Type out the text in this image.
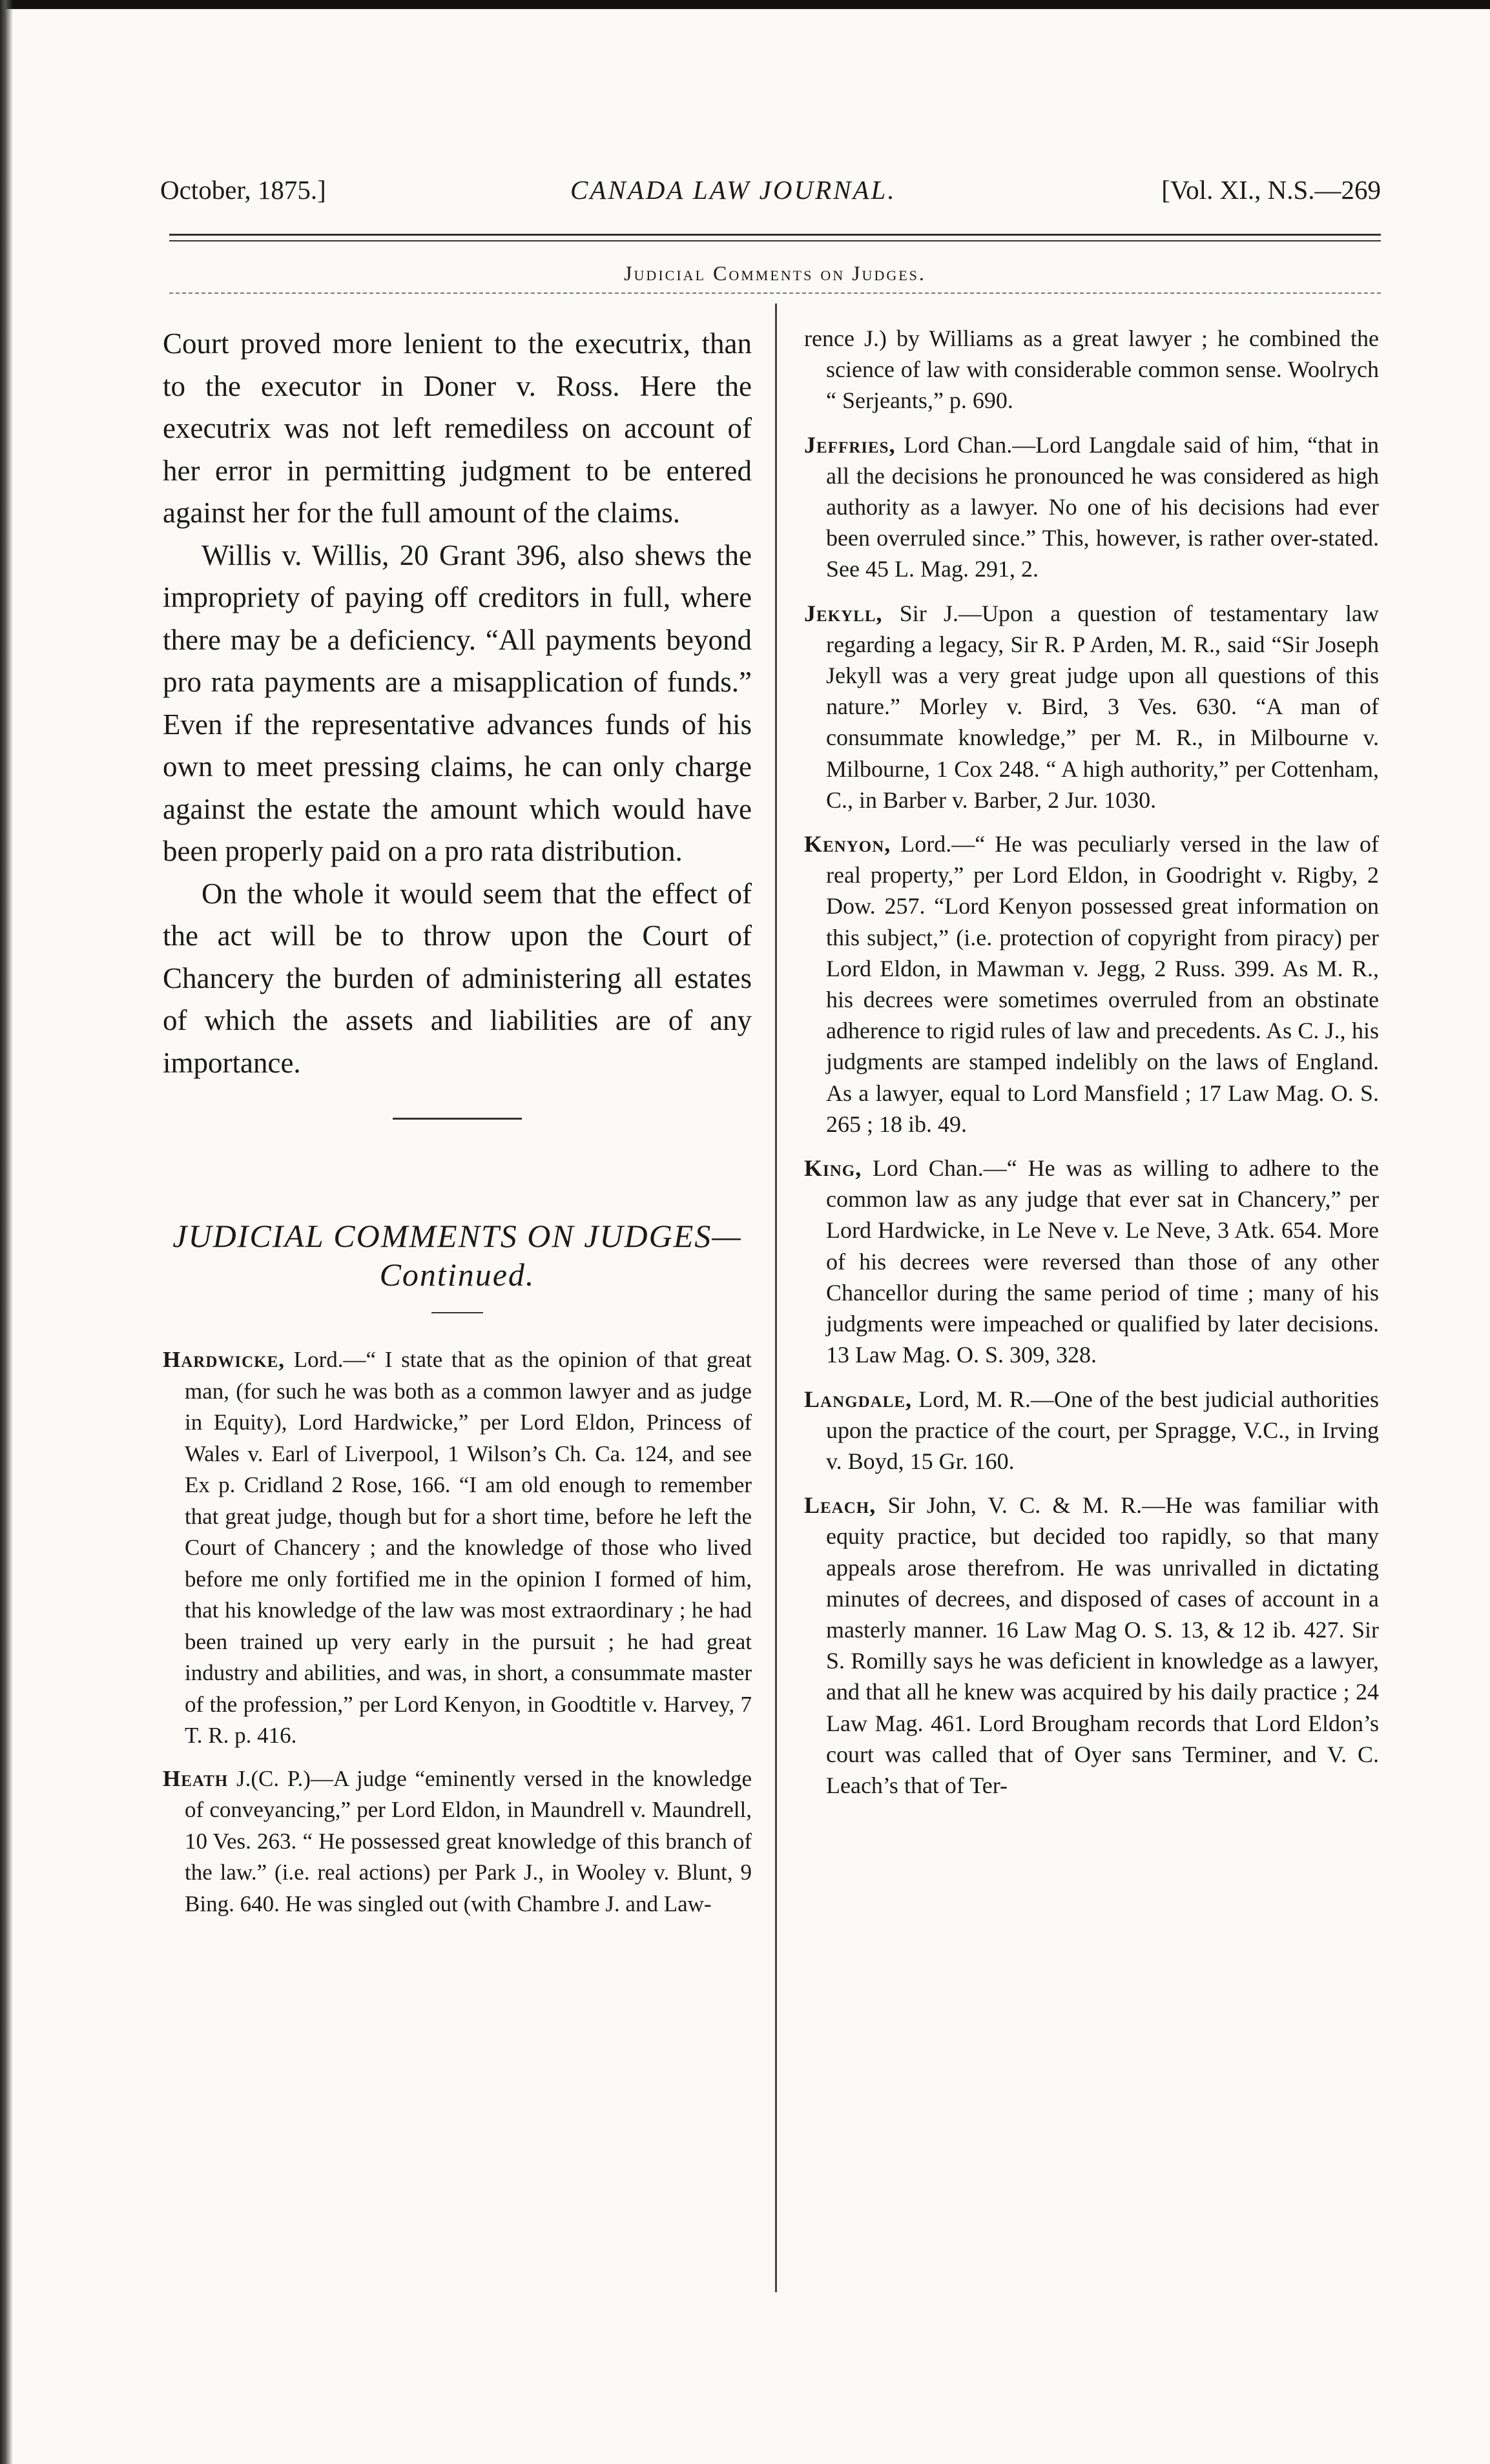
October, 1875.]	CANADA LAW JOURNAL.	[Vol. XI., N.S.—269
Judicial Comments on Judges.

Court proved more lenient to the executrix, than to the executor in Doner v. Ross. Here the executrix was not left remediless on account of her error in permitting judgment to be entered against her for the full amount of the claims.

Willis v. Willis, 20 Grant 396, also shews the impropriety of paying off creditors in full, where there may be a deficiency. “All payments beyond pro rata payments are a misapplication of funds.” Even if the representative advances funds of his own to meet pressing claims, he can only charge against the estate the amount which would have been properly paid on a pro rata distribution.

On the whole it would seem that the effect of the act will be to throw upon the Court of Chancery the burden of administering all estates of which the assets and liabilities are of any importance.

JUDICIAL COMMENTS ON JUDGES—Continued.

Hardwicke, Lord.—“ I state that as the opinion of that great man, (for such he was both as a common lawyer and as judge in Equity), Lord Hardwicke,” per Lord Eldon, Princess of Wales v. Earl of Liverpool, 1 Wilson’s Ch. Ca. 124, and see Ex p. Cridland 2 Rose, 166. “I am old enough to remember that great judge, though but for a short time, before he left the Court of Chancery ; and the knowledge of those who lived before me only fortified me in the opinion I formed of him, that his knowledge of the law was most extraordinary ; he had been trained up very early in the pursuit ; he had great industry and abilities, and was, in short, a consummate master of the profession,” per Lord Kenyon, in Goodtitle v. Harvey, 7 T. R. p. 416.

Heath J.(C. P.)—A judge “eminently versed in the knowledge of conveyancing,” per Lord Eldon, in Maundrell v. Maundrell, 10 Ves. 263. “ He possessed great knowledge of this branch of the law.” (i.e. real actions) per Park J., in Wooley v. Blunt, 9 Bing. 640. He was singled out (with Chambre J. and Law-

rence J.) by Williams as a great lawyer ; he combined the science of law with considerable common sense. Woolrych “ Serjeants,” p. 690.

Jeffries, Lord Chan.—Lord Langdale said of him, “that in all the decisions he pronounced he was considered as high authority as a lawyer. No one of his decisions had ever been overruled since.” This, however, is rather over-stated. See 45 L. Mag. 291, 2.

Jekyll, Sir J.—Upon a question of testamentary law regarding a legacy, Sir R. P Arden, M. R., said “Sir Joseph Jekyll was a very great judge upon all questions of this nature.” Morley v. Bird, 3 Ves. 630. “A man of consummate knowledge,” per M. R., in Milbourne v. Milbourne, 1 Cox 248. “ A high authority,” per Cottenham, C., in Barber v. Barber, 2 Jur. 1030.

Kenyon, Lord.—“ He was peculiarly versed in the law of real property,” per Lord Eldon, in Goodright v. Rigby, 2 Dow. 257. “Lord Kenyon possessed great information on this subject,” (i.e. protection of copyright from piracy) per Lord Eldon, in Mawman v. Jegg, 2 Russ. 399. As M. R., his decrees were sometimes overruled from an obstinate adherence to rigid rules of law and precedents. As C. J., his judgments are stamped indelibly on the laws of England. As a lawyer, equal to Lord Mansfield ; 17 Law Mag. O. S. 265 ; 18 ib. 49.

King, Lord Chan.—“ He was as willing to adhere to the common law as any judge that ever sat in Chancery,” per Lord Hardwicke, in Le Neve v. Le Neve, 3 Atk. 654. More of his decrees were reversed than those of any other Chancellor during the same period of time ; many of his judgments were impeached or qualified by later decisions. 13 Law Mag. O. S. 309, 328.

Langdale, Lord, M. R.—One of the best judicial authorities upon the practice of the court, per Spragge, V.C., in Irving v. Boyd, 15 Gr. 160.

Leach, Sir John, V. C. & M. R.—He was familiar with equity practice, but decided too rapidly, so that many appeals arose therefrom. He was unrivalled in dictating minutes of decrees, and disposed of cases of account in a masterly manner. 16 Law Mag O. S. 13, & 12 ib. 427. Sir S. Romilly says he was deficient in knowledge as a lawyer, and that all he knew was acquired by his daily practice ; 24 Law Mag. 461. Lord Brougham records that Lord Eldon’s court was called that of Oyer sans Terminer, and V. C. Leach’s that of Ter-
